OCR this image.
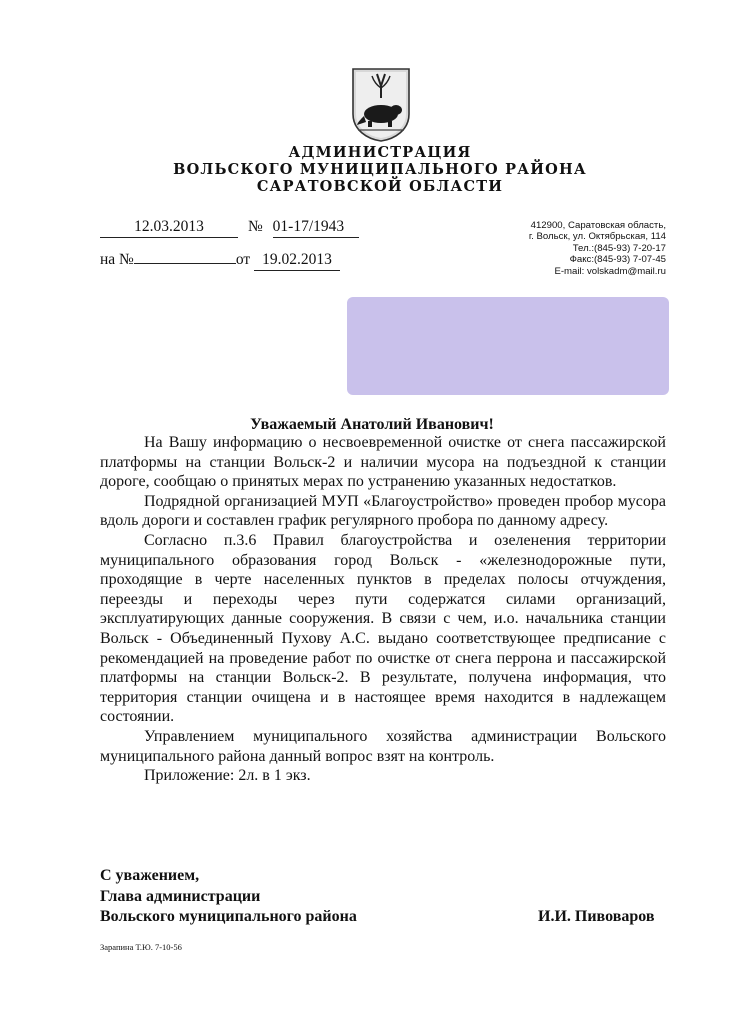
АДМИНИСТРАЦИЯ
ВОЛЬСКОГО МУНИЦИПАЛЬНОГО РАЙОНА
САРАТОВСКОЙ ОБЛАСТИ
12.03.2013	№ 01-17/1943
на №	от 19.02.2013
412900, Саратовская область,
г. Вольск, ул. Октябрьская, 114
Тел.:(845-93) 7-20-17
Факс:(845-93) 7-07-45
E-mail: volskadm@mail.ru
Уважаемый Анатолий Иванович!

На Вашу информацию о несвоевременной очистке от снега пассажирской платформы на станции Вольск-2 и наличии мусора на подъездной к станции дороге, сообщаю о принятых мерах по устранению указанных недостатков.

Подрядной организацией МУП «Благоустройство» проведен пробор мусора вдоль дороги и составлен график регулярного пробора по данному адресу.

Согласно п.3.6 Правил благоустройства и озеленения территории муниципального образования город Вольск - «железнодорожные пути, проходящие в черте населенных пунктов в пределах полосы отчуждения, переезды и переходы через пути содержатся силами организаций, эксплуатирующих данные сооружения. В связи с чем, и.о. начальника станции Вольск - Объединенный Пухову А.С. выдано соответствующее предписание с рекомендацией на проведение работ по очистке от снега перрона и пассажирской платформы на станции Вольск-2. В результате, получена информация, что территория станции очищена и в настоящее время находится в надлежащем состоянии.

Управлением муниципального хозяйства администрации Вольского муниципального района данный вопрос взят на контроль.

Приложение: 2л. в 1 экз.

С уважением,
Глава администрации
Вольского муниципального района	И.И. Пивоваров
Зарапина Т.Ю. 7-10-56
